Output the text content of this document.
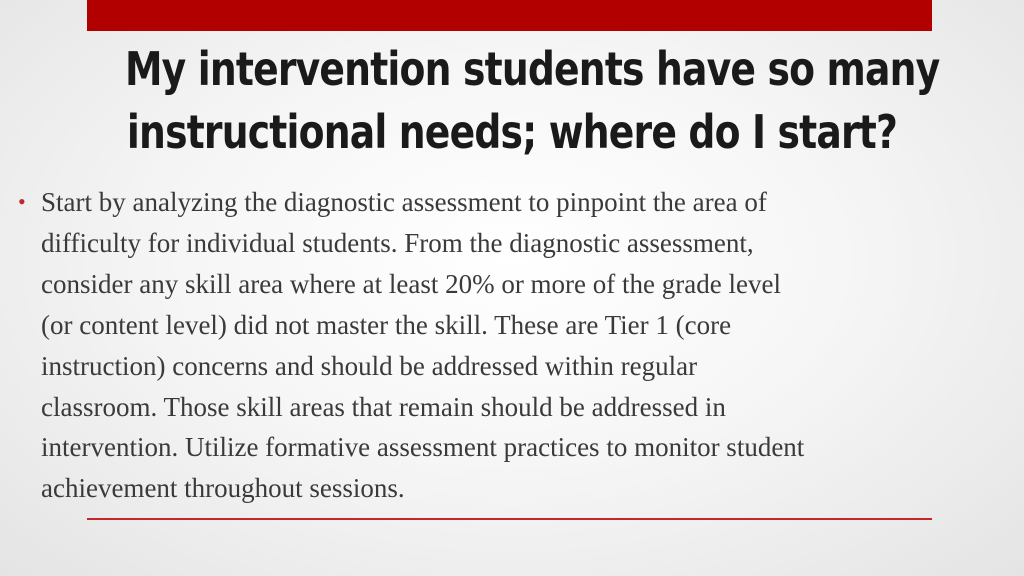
My intervention students have so many
instructional needs; where do I start?
• Start by analyzing the diagnostic assessment to pinpoint the area of
difficulty for individual students. From the diagnostic assessment,
consider any skill area where at least 20% or more of the grade level
(or content level) did not master the skill. These are Tier 1 (core
instruction) concerns and should be addressed within regular
classroom. Those skill areas that remain should be addressed in
intervention. Utilize formative assessment practices to monitor student
achievement throughout sessions.
